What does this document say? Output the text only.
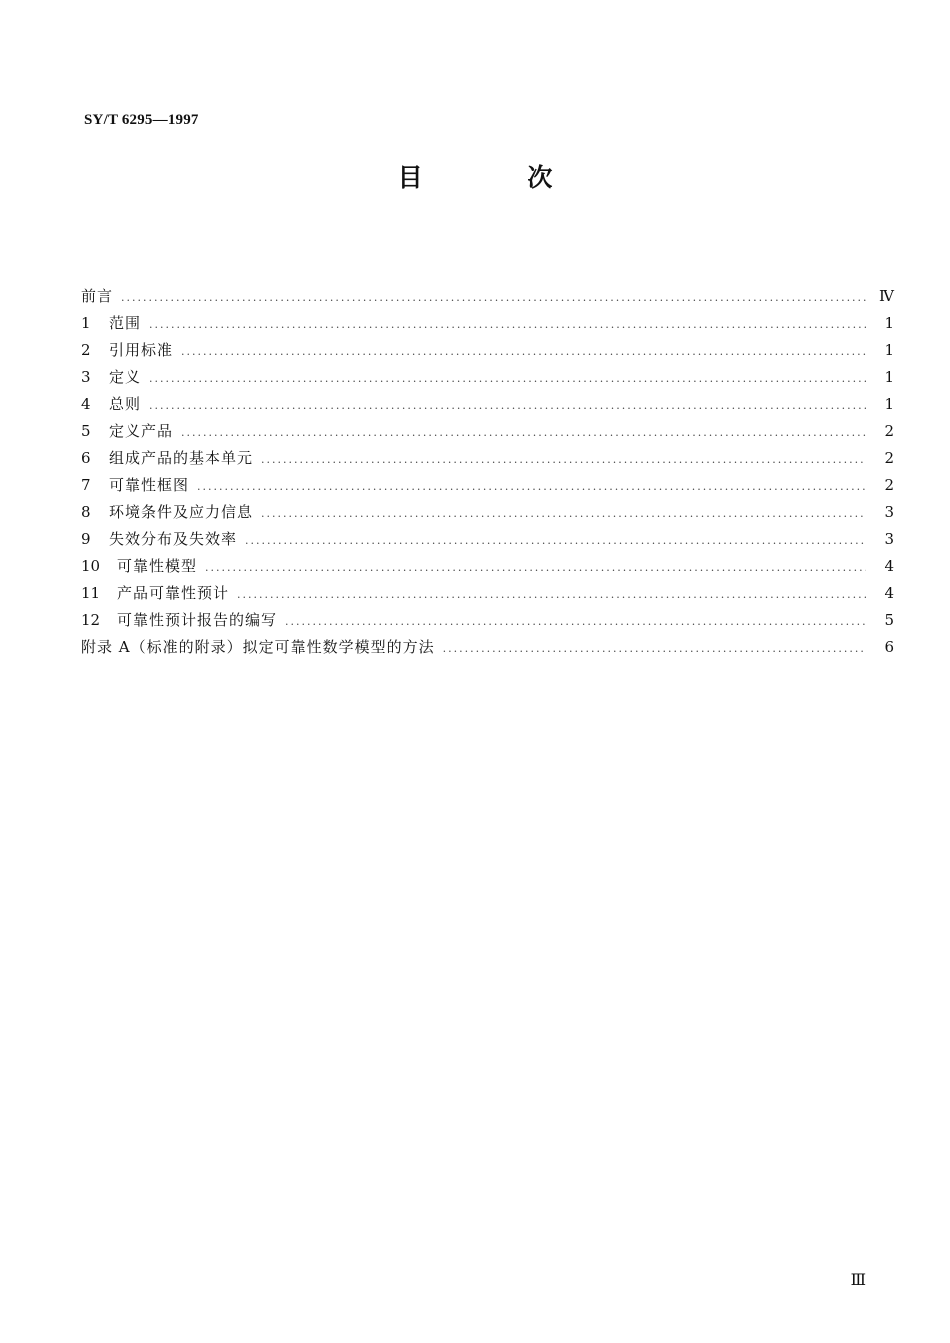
SY/T 6295—1997
目 次
前言 .....	Ⅳ
1	范围 .....	1
2	引用标准 .....	1
3	定义 .....	1
4	总则 .....	1
5	定义产品 .....	2
6	组成产品的基本单元 .....	2
7	可靠性框图 .....	2
8	环境条件及应力信息 .....	3
9	失效分布及失效率 .....	3
10	可靠性模型 .....	4
11	产品可靠性预计 .....	4
12	可靠性预计报告的编写 .....	5
附录 A（标准的附录）拟定可靠性数学模型的方法 .....	6
Ⅲ
